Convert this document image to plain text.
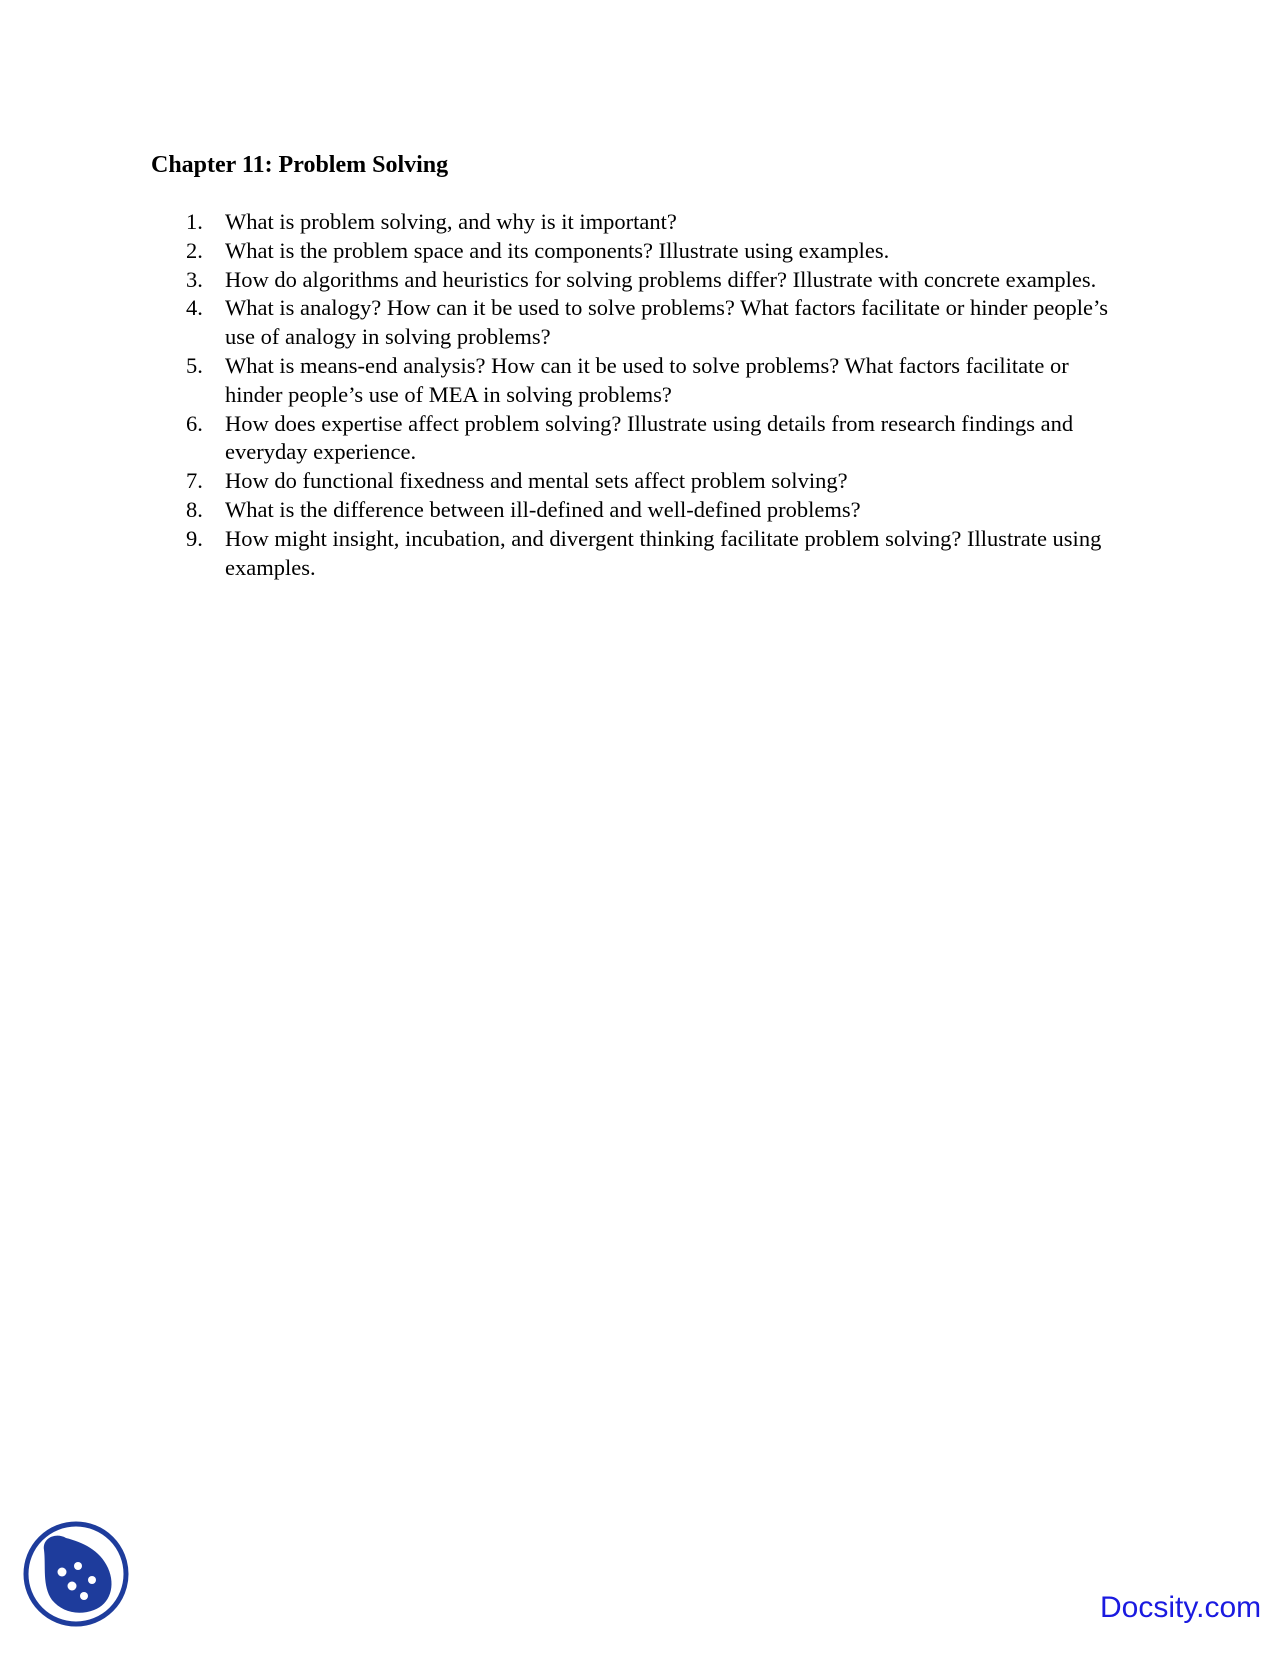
Chapter 11: Problem Solving
1. What is problem solving, and why is it important?
2. What is the problem space and its components? Illustrate using examples.
3. How do algorithms and heuristics for solving problems differ? Illustrate with concrete examples.
4. What is analogy? How can it be used to solve problems? What factors facilitate or hinder people’s use of analogy in solving problems?
5. What is means-end analysis? How can it be used to solve problems? What factors facilitate or hinder people’s use of MEA in solving problems?
6. How does expertise affect problem solving? Illustrate using details from research findings and everyday experience.
7. How do functional fixedness and mental sets affect problem solving?
8. What is the difference between ill-defined and well-defined problems?
9. How might insight, incubation, and divergent thinking facilitate problem solving? Illustrate using examples.
Docsity.com
